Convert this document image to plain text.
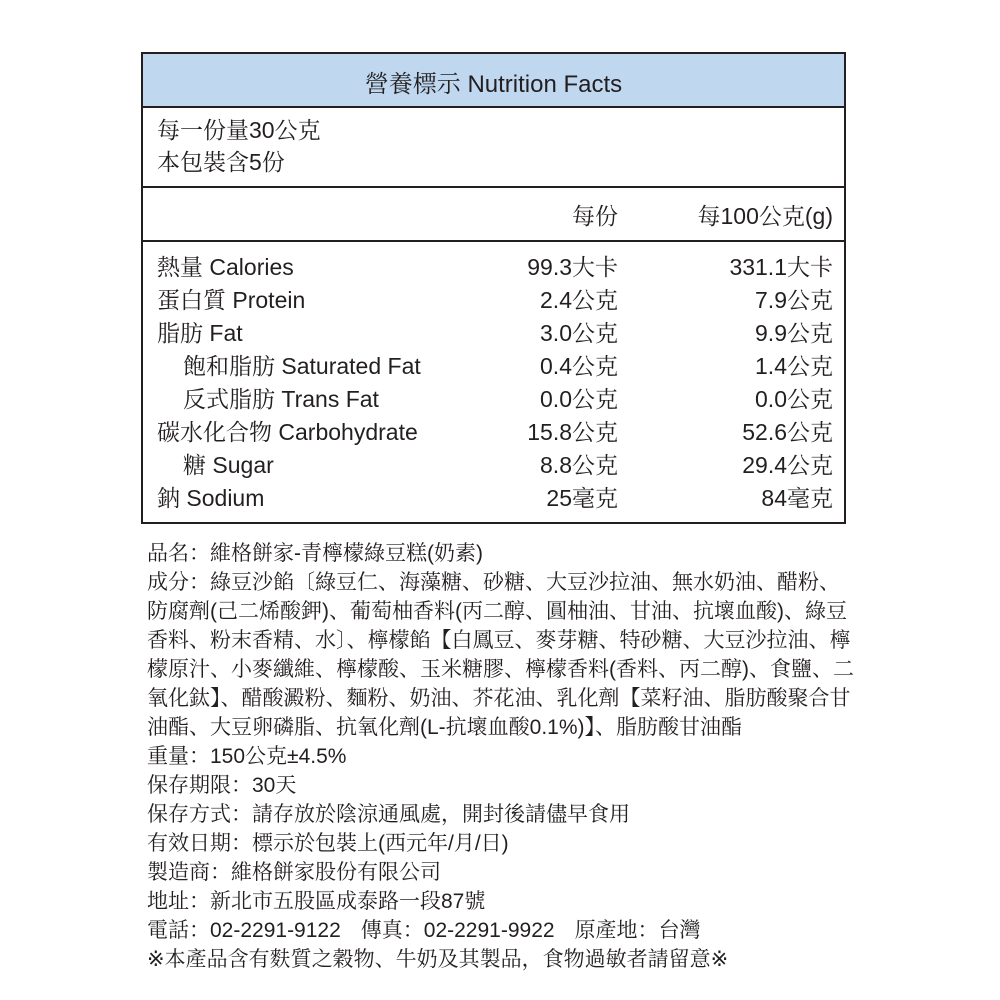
營養標示 Nutrition Facts
每一份量30公克
本包裝含5份
每份	每100公克(g)
熱量 Calories	99.3大卡	331.1大卡
蛋白質 Protein	2.4公克	7.9公克
脂肪 Fat	3.0公克	9.9公克
飽和脂肪 Saturated Fat	0.4公克	1.4公克
反式脂肪 Trans Fat	0.0公克	0.0公克
碳水化合物 Carbohydrate	15.8公克	52.6公克
糖 Sugar	8.8公克	29.4公克
鈉 Sodium	25毫克	84毫克
品名：維格餅家-青檸檬綠豆糕(奶素)
成分：綠豆沙餡〔綠豆仁、海藻糖、砂糖、大豆沙拉油、無水奶油、醋粉、
防腐劑(己二烯酸鉀)、葡萄柚香料(丙二醇、圓柚油、甘油、抗壞血酸)、綠豆
香料、粉末香精、水〕、檸檬餡【白鳳豆、麥芽糖、特砂糖、大豆沙拉油、檸
檬原汁、小麥纖維、檸檬酸、玉米糖膠、檸檬香料(香料、丙二醇)、食鹽、二
氧化鈦】、醋酸澱粉、麵粉、奶油、芥花油、乳化劑【菜籽油、脂肪酸聚合甘
油酯、大豆卵磷脂、抗氧化劑(L-抗壞血酸0.1%)】、脂肪酸甘油酯
重量：150公克±4.5%
保存期限：30天
保存方式：請存放於陰涼通風處，開封後請儘早食用
有效日期：標示於包裝上(西元年/月/日)
製造商：維格餅家股份有限公司
地址：新北市五股區成泰路一段87號
電話：02-2291-9122 傳真：02-2291-9922 原產地：台灣
※本產品含有麩質之穀物、牛奶及其製品，食物過敏者請留意※
